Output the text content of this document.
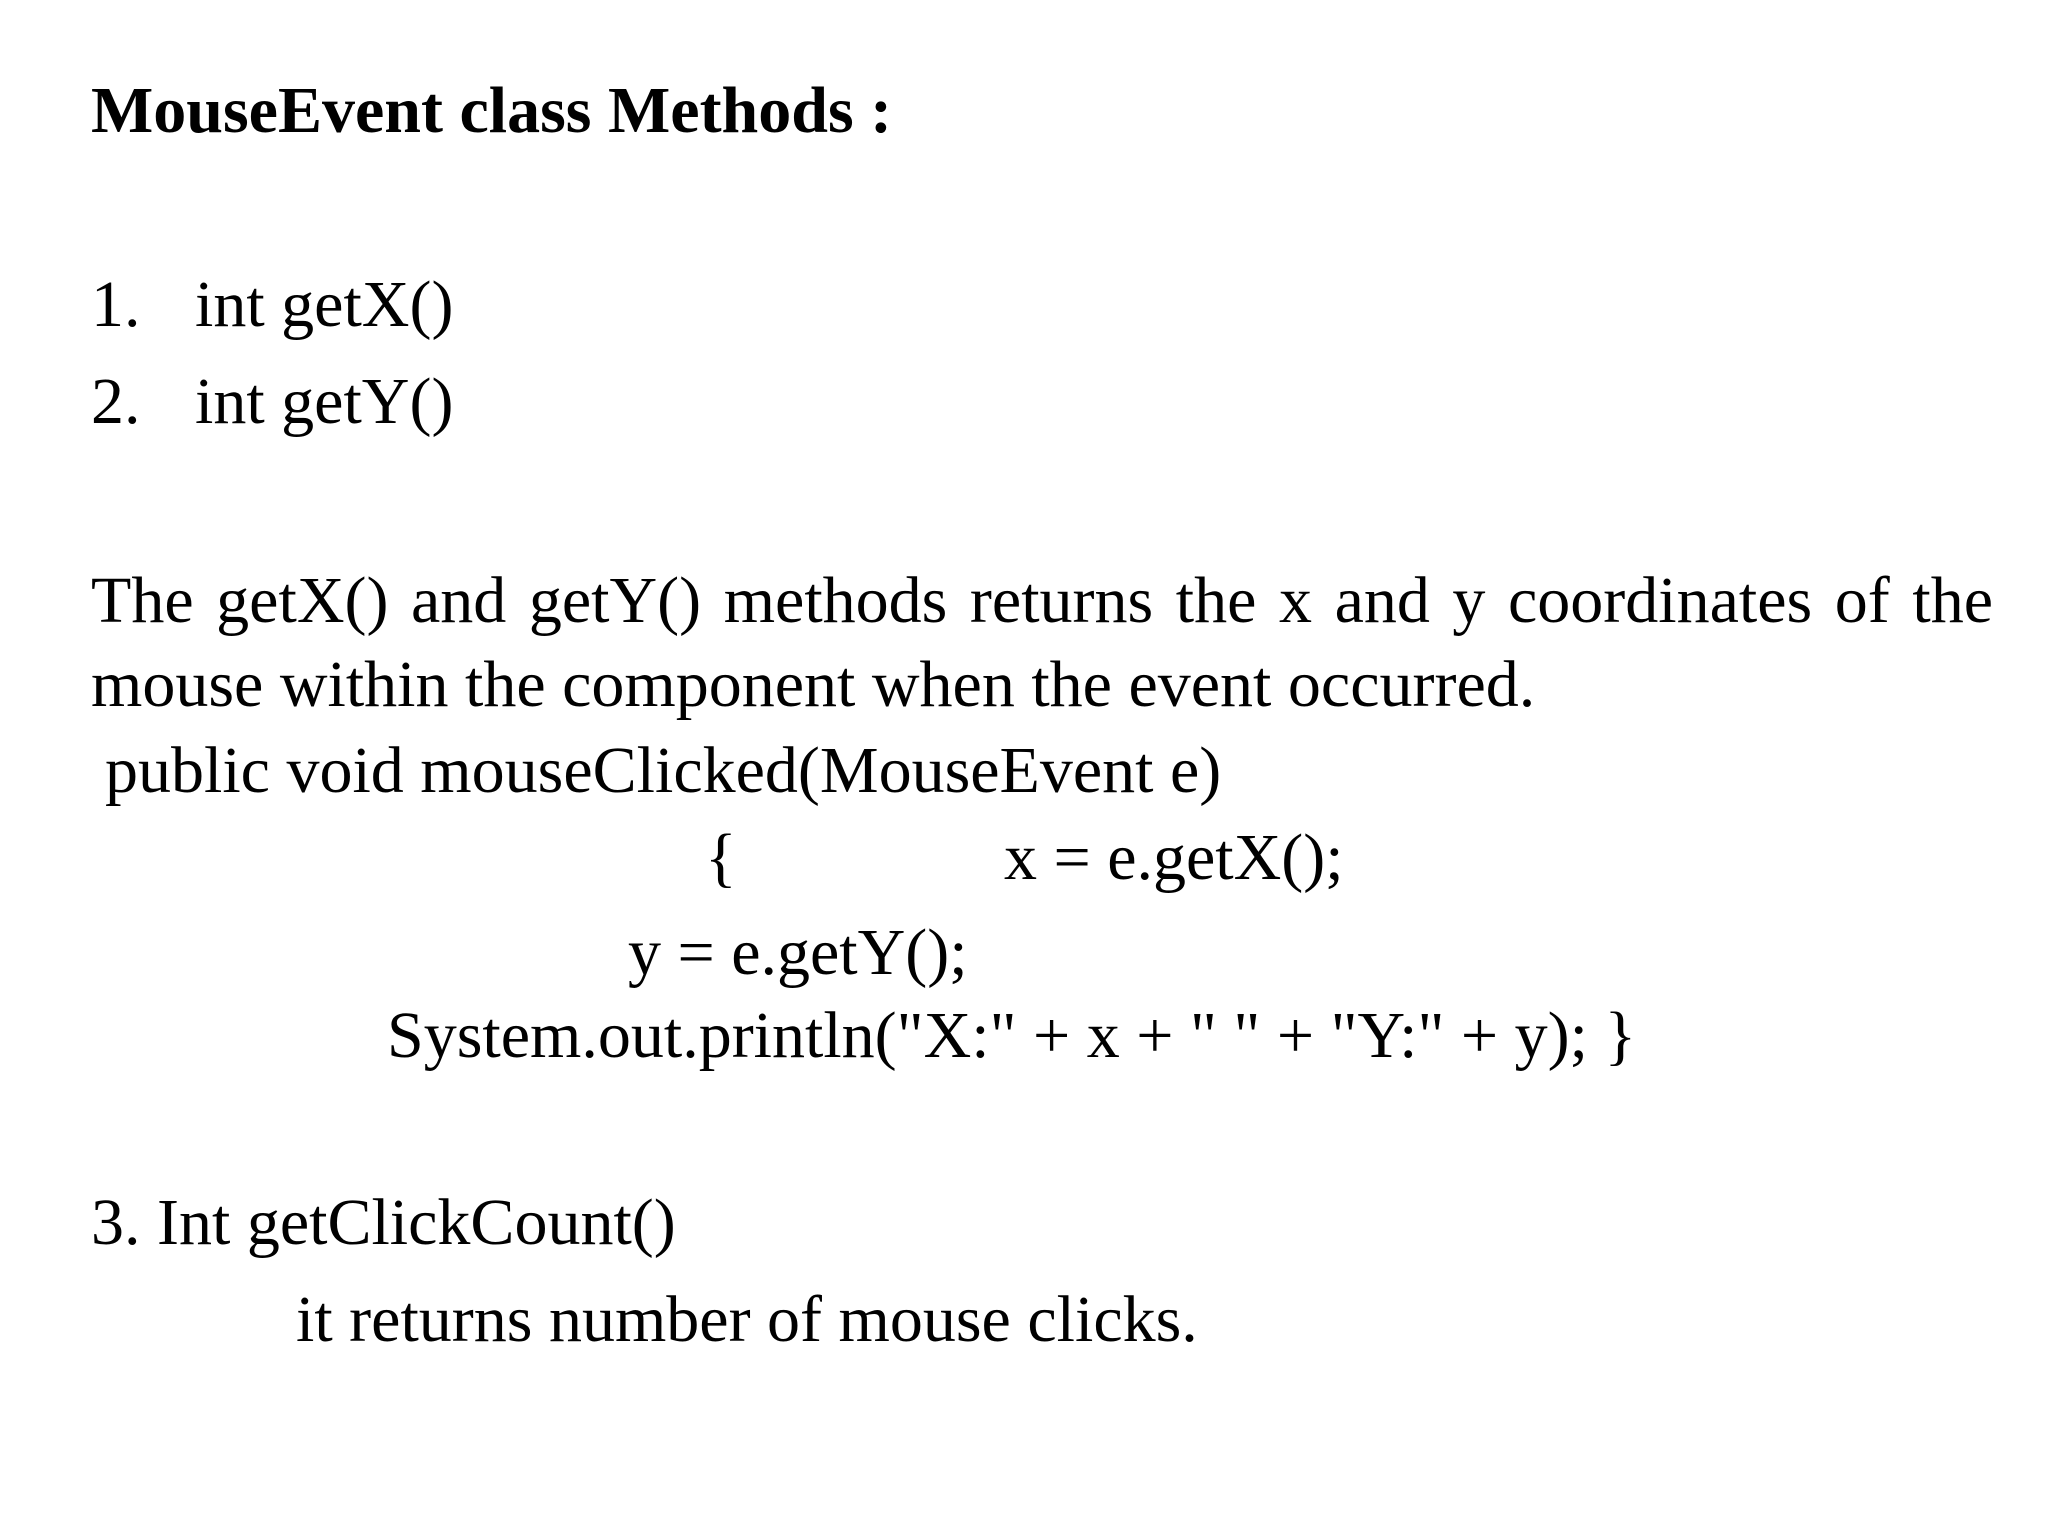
MouseEvent class Methods :
1. int getX()
2. int getY()

The getX() and getY() methods returns the x and y coordinates of the mouse within the component when the event occurred.

public void mouseClicked(MouseEvent e)
{	x = e.getX();
y = e.getY();
System.out.println("X:" + x + " " + "Y:" + y); }
3. Int getClickCount()
it returns number of mouse clicks.
